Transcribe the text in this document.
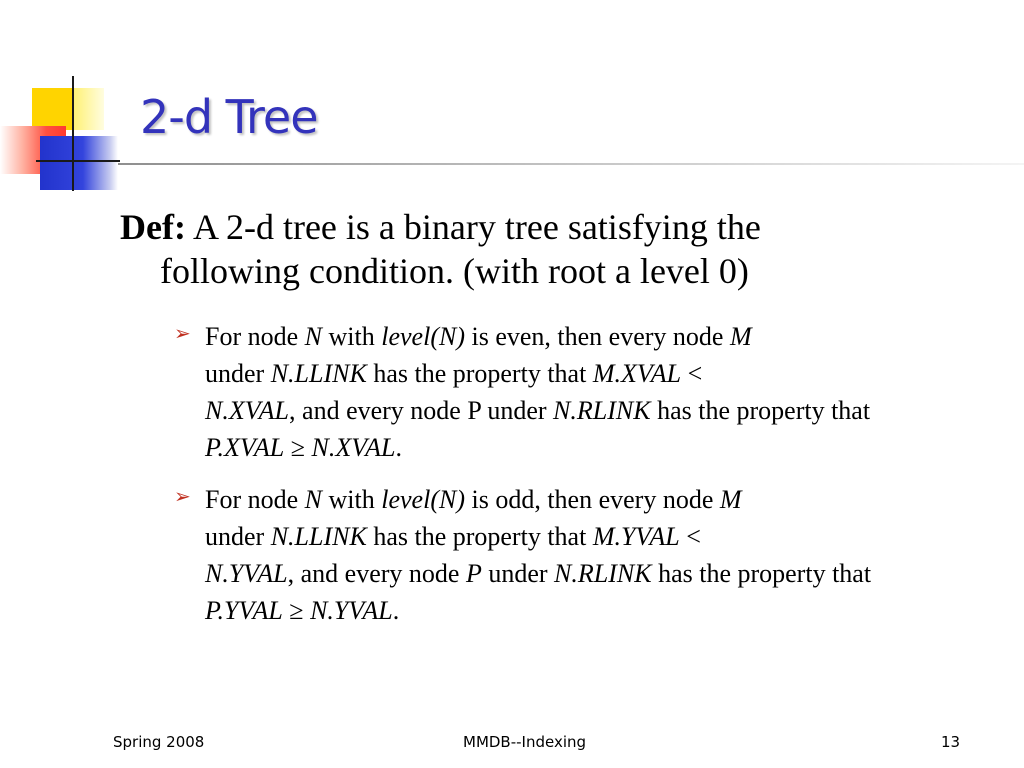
2-d Tree
Def: A 2-d tree is a binary tree satisfying the
following condition. (with root a level 0)
➢ For node N with level(N) is even, then every node M
under N.LLINK has the property that M.XVAL <
N.XVAL, and every node P under N.RLINK has the property that P.XVAL ≥ N.XVAL.
➢ For node N with level(N) is odd, then every node M
under N.LLINK has the property that M.YVAL <
N.YVAL, and every node P under N.RLINK has the property that
P.YVAL ≥ N.YVAL.
Spring 2008	MMDB--Indexing	13
